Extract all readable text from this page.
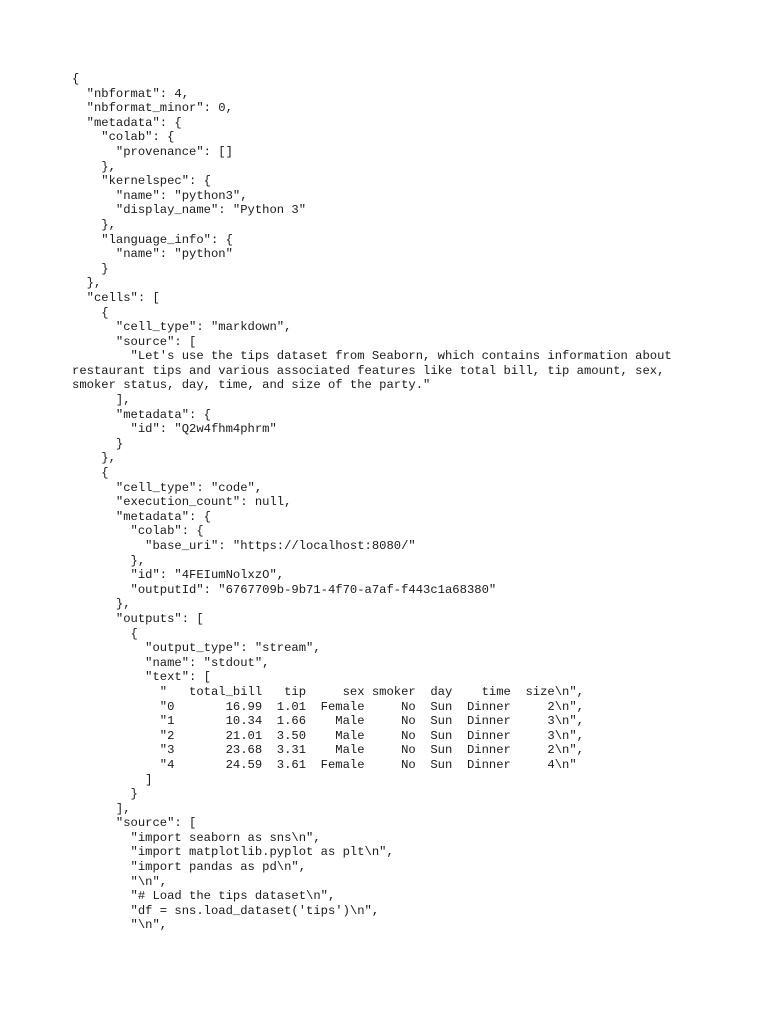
{
"nbformat": 4,
"nbformat_minor": 0,
"metadata": {
"colab": {
"provenance": []
},
"kernelspec": {
"name": "python3",
"display_name": "Python 3"
},
"language_info": {
"name": "python"
}
},
"cells": [
{
"cell_type": "markdown",
"source": [
"Let's use the tips dataset from Seaborn, which contains information about
restaurant tips and various associated features like total bill, tip amount, sex,
smoker status, day, time, and size of the party."
],
"metadata": {
"id": "Q2w4fhm4phrm"
}
},
{
"cell_type": "code",
"execution_count": null,
"metadata": {
"colab": {
"base_uri": "https://localhost:8080/"
},
"id": "4FEIumNolxzO",
"outputId": "6767709b-9b71-4f70-a7af-f443c1a68380"
},
"outputs": [
{
"output_type": "stream",
"name": "stdout",
"text": [
"   total_bill   tip     sex smoker  day    time  size\n",
"0       16.99  1.01  Female     No  Sun  Dinner     2\n",
"1       10.34  1.66    Male     No  Sun  Dinner     3\n",
"2       21.01  3.50    Male     No  Sun  Dinner     3\n",
"3       23.68  3.31    Male     No  Sun  Dinner     2\n",
"4       24.59  3.61  Female     No  Sun  Dinner     4\n"
]
}
],
"source": [
"import seaborn as sns\n",
"import matplotlib.pyplot as plt\n",
"import pandas as pd\n",
"\n",
"# Load the tips dataset\n",
"df = sns.load_dataset('tips')\n",
"\n",
